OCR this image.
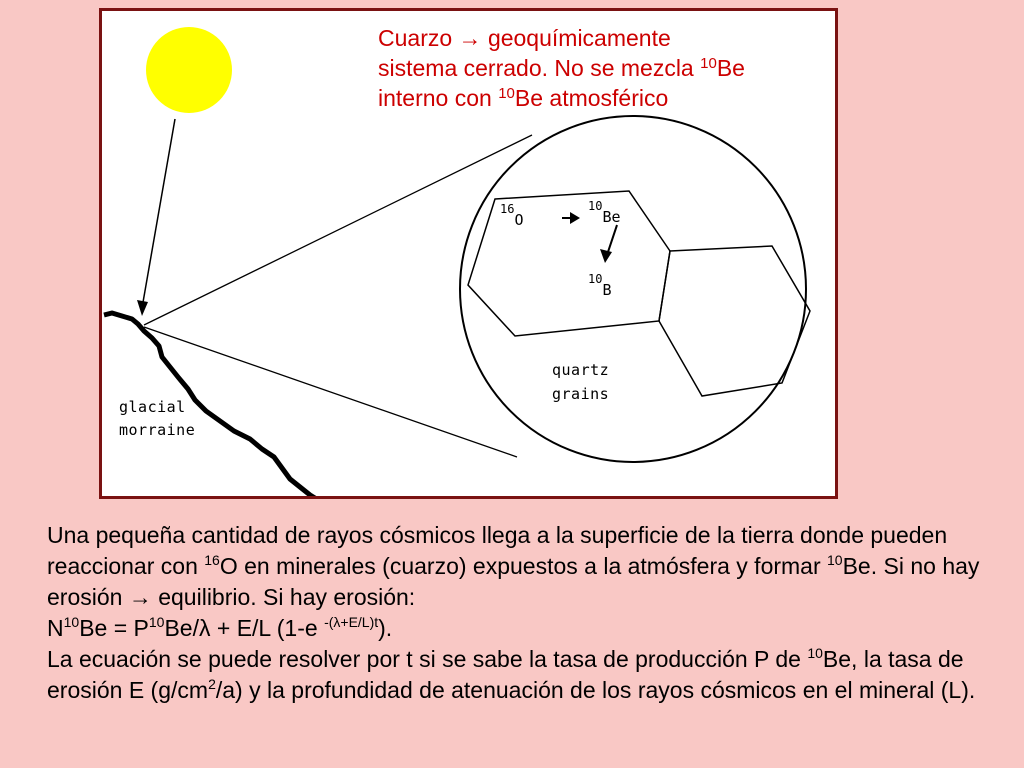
Cuarzo → geoquímicamente
sistema cerrado. No se mezcla $^{10}$Be
interno con $^{10}$Be atmosférico
glacial
morraine
quartz
grains
$^{16}$O
$^{10}$Be
$^{10}$B

Una pequeña cantidad de rayos cósmicos llega a la superficie de la tierra donde pueden reaccionar con $^{16}$O en minerales (cuarzo) expuestos a la atmósfera y formar $^{10}$Be. Si no hay erosión → equilibrio. Si hay erosión:

$N^{10}Be = P^{10}Be/\lambda + E/L$ (1-e $^{-(\lambda+E/L)t}$).

La ecuación se puede resolver por t si se sabe la tasa de producción P de $^{10}$Be, la tasa de erosión E $(g/cm^2/a)$ y la profundidad de atenuación de los rayos cósmicos en el mineral (L).
